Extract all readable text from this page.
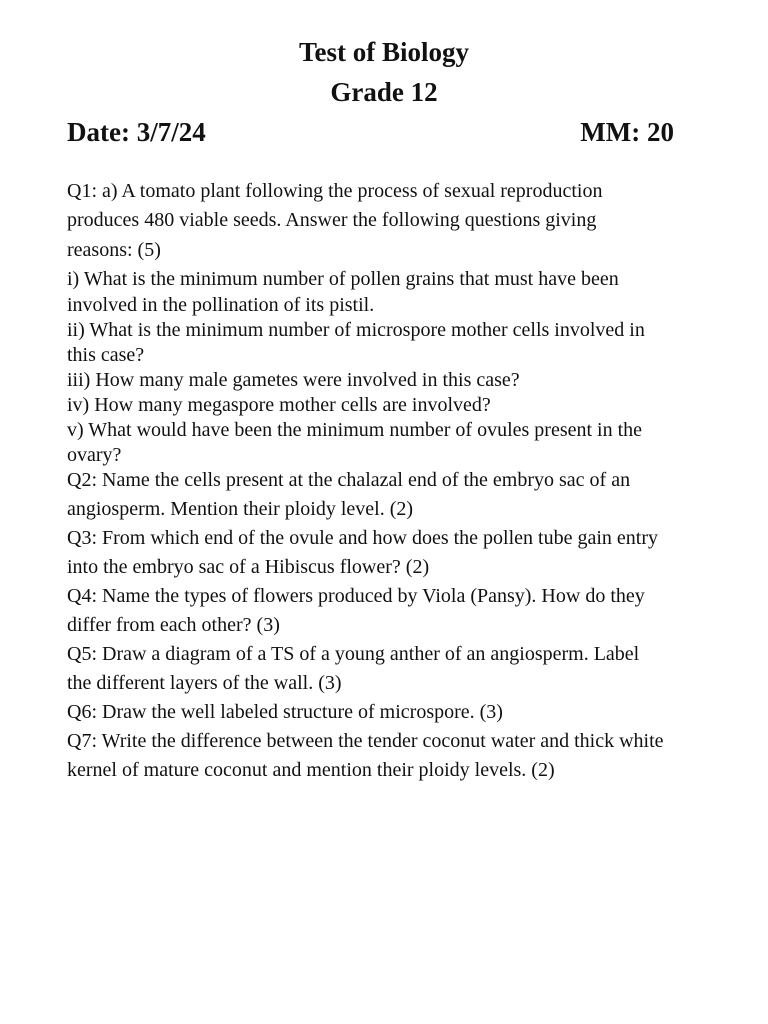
Test of Biology
Grade 12
Date: 3/7/24	MM: 20
Q1: a) A tomato plant following the process of sexual reproduction
produces 480 viable seeds. Answer the following questions giving
reasons: (5)
i) What is the minimum number of pollen grains that must have been
involved in the pollination of its pistil.
ii) What is the minimum number of microspore mother cells involved in
this case?
iii) How many male gametes were involved in this case?
iv) How many megaspore mother cells are involved?
v) What would have been the minimum number of ovules present in the
ovary?
Q2: Name the cells present at the chalazal end of the embryo sac of an
angiosperm. Mention their ploidy level. (2)
Q3: From which end of the ovule and how does the pollen tube gain entry
into the embryo sac of a Hibiscus flower? (2)
Q4: Name the types of flowers produced by Viola (Pansy). How do they
differ from each other? (3)
Q5: Draw a diagram of a TS of a young anther of an angiosperm. Label
the different layers of the wall. (3)
Q6: Draw the well labeled structure of microspore. (3)
Q7: Write the difference between the tender coconut water and thick white
kernel of mature coconut and mention their ploidy levels. (2)
